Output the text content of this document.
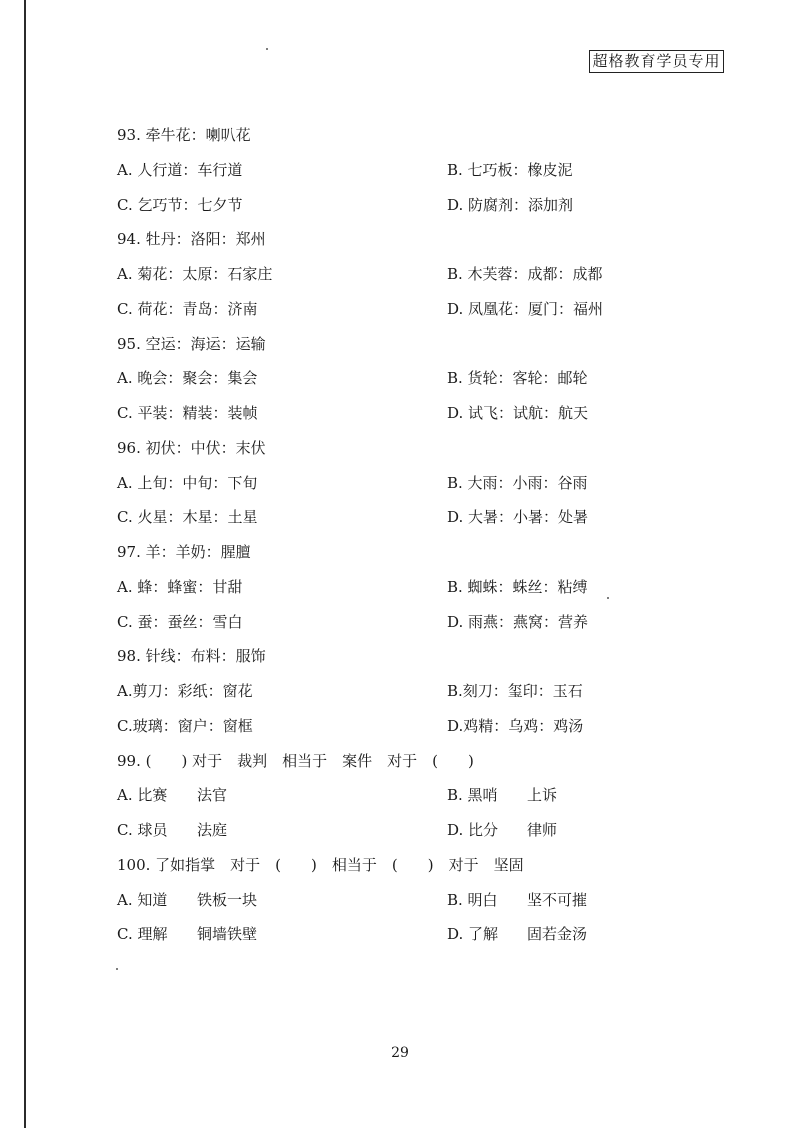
超格教育学员专用
93. 牵牛花：喇叭花
A. 人行道：车行道	B. 七巧板：橡皮泥
C. 乞巧节：七夕节	D. 防腐剂：添加剂
94. 牡丹：洛阳：郑州
A. 菊花：太原：石家庄	B. 木芙蓉：成都：成都
C. 荷花：青岛：济南	D. 凤凰花：厦门：福州
95. 空运：海运：运输
A. 晚会：聚会：集会	B. 货轮：客轮：邮轮
C. 平装：精装：装帧	D. 试飞：试航：航天
96. 初伏：中伏：末伏
A. 上旬：中旬：下旬	B. 大雨：小雨：谷雨
C. 火星：木星：土星	D. 大暑：小暑：处暑
97. 羊：羊奶：腥膻
A. 蜂：蜂蜜：甘甜	B. 蜘蛛：蛛丝：粘缚
C. 蚕：蚕丝：雪白	D. 雨燕：燕窝：营养
98. 针线：布料：服饰
A.剪刀：彩纸：窗花	B.刻刀：玺印：玉石
C.玻璃：窗户：窗框	D.鸡精：乌鸡：鸡汤
99. (　　) 对于　裁判　相当于　案件　对于　(　　)
A. 比赛 法官	B. 黑哨 上诉
C. 球员 法庭	D. 比分 律师
100. 了如指掌　对于　(　　)　相当于　(　　)　对于　坚固
A. 知道 铁板一块	B. 明白 坚不可摧
C. 理解 铜墙铁壁	D. 了解 固若金汤
29
